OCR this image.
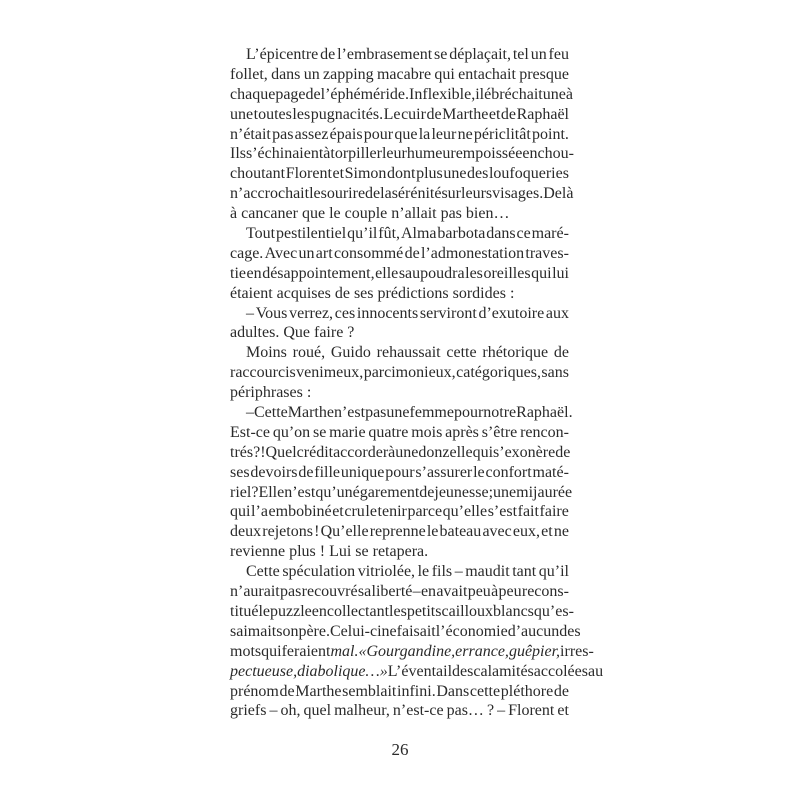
L’épicentre de l’embrasement se déplaçait, tel un feu
follet, dans un zapping macabre qui entachait presque
chaque page de l’éphéméride. Inflexible, il ébréchait une à
une toutes les pugnacités. Le cuir de Marthe et de Raphaël
n’était pas assez épais pour que la leur ne périclitât point.
Ils s’échinaient à torpiller leur humeur empoissée en chou-
choutant Florent et Simon dont plus une des loufoqueries
n’accrochait le sourire de la sérénité sur leurs visages. De là
à cancaner que le couple n’allait pas bien…
Tout pestilentiel qu’il fût, Alma barbota dans ce maré-
cage. Avec un art consommé de l’admonestation traves-
tie en désappointement, elle saupoudra les oreilles qui lui
étaient acquises de ses prédictions sordides :
– Vous verrez, ces innocents serviront d’exutoire aux
adultes. Que faire ?
Moins roué, Guido rehaussait cette rhétorique de
raccourcis venimeux, parcimonieux, catégoriques, sans
périphrases :
– Cette Marthe n’est pas une femme pour notre Raphaël.
Est-ce qu’on se marie quatre mois après s’être rencon-
trés ? ! Quel crédit accorder à une donzelle qui s’exonère de
ses devoirs de fille unique pour s’assurer le confort maté-
riel ? Elle n’est qu’un égarement de jeunesse ; une mijaurée
qui l’a embobiné et cru le tenir parce qu’elle s’est fait faire
deux rejetons ! Qu’elle reprenne le bateau avec eux, et ne
revienne plus ! Lui se retapera.
Cette spéculation vitriolée, le fils – maudit tant qu’il
n’aurait pas recouvré sa liberté – en avait peu à peu recons-
titué le puzzle en collectant les petits cailloux blancs qu’es-
saimait son père. Celui-ci ne faisait l’économie d’aucun des
mots qui feraient mal. « Gourgandine, errance, guêpier, irres-
pectueuse, diabolique… » L’éventail des calamités accolées au
prénom de Marthe semblait infini. Dans cette pléthore de
griefs – oh, quel malheur, n’est-ce pas… ? – Florent et
26
